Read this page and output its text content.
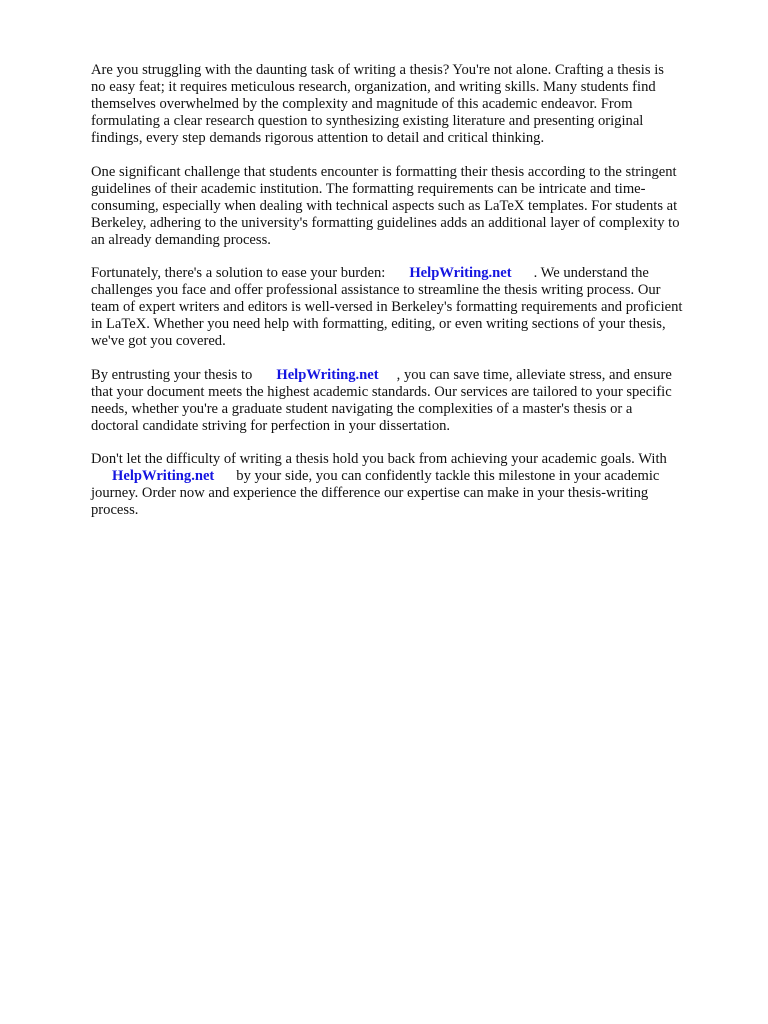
Are you struggling with the daunting task of writing a thesis? You're not alone. Crafting a thesis is

no easy feat; it requires meticulous research, organization, and writing skills. Many students find

themselves overwhelmed by the complexity and magnitude of this academic endeavor. From

formulating a clear research question to synthesizing existing literature and presenting original

findings, every step demands rigorous attention to detail and critical thinking.

One significant challenge that students encounter is formatting their thesis according to the stringent

guidelines of their academic institution. The formatting requirements can be intricate and time-

consuming, especially when dealing with technical aspects such as LaTeX templates. For students at

Berkeley, adhering to the university's formatting guidelines adds an additional layer of complexity to

an already demanding process.

Fortunately, there's a solution to ease your burden: HelpWriting.net . We understand the

challenges you face and offer professional assistance to streamline the thesis writing process. Our

team of expert writers and editors is well-versed in Berkeley's formatting requirements and proficient

in LaTeX. Whether you need help with formatting, editing, or even writing sections of your thesis,

we've got you covered.

By entrusting your thesis to HelpWriting.net , you can save time, alleviate stress, and ensure

that your document meets the highest academic standards. Our services are tailored to your specific

needs, whether you're a graduate student navigating the complexities of a master's thesis or a

doctoral candidate striving for perfection in your dissertation.

Don't let the difficulty of writing a thesis hold you back from achieving your academic goals. With

HelpWriting.net by your side, you can confidently tackle this milestone in your academic

journey. Order now and experience the difference our expertise can make in your thesis-writing

process.
